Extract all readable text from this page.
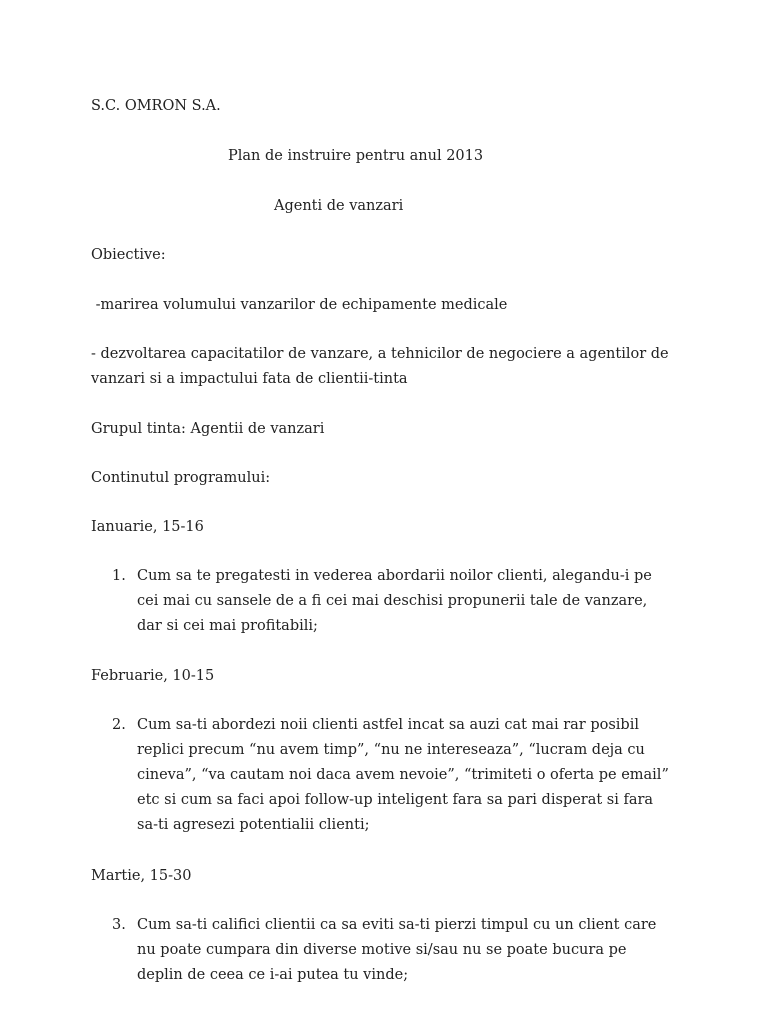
S.C. OMRON S.A.
Plan de instruire pentru anul 2013
Agenti de vanzari
Obiective:
-marirea volumului vanzarilor de echipamente medicale
- dezvoltarea capacitatilor de vanzare, a tehnicilor de negociere a agentilor de vanzari si a impactului fata de clientii-tinta
Grupul tinta: Agentii de vanzari
Continutul programului:
Ianuarie, 15-16
1. Cum sa te pregatesti in vederea abordarii noilor clienti, alegandu-i pe cei mai cu sansele de a fi cei mai deschisi propunerii tale de vanzare, dar si cei mai profitabili;
Februarie, 10-15
2. Cum sa-ti abordezi noii clienti astfel incat sa auzi cat mai rar posibil replici precum “nu avem timp”, “nu ne intereseaza”, “lucram deja cu cineva”, “va cautam noi daca avem nevoie”, “trimiteti o oferta pe email” etc si cum sa faci apoi follow-up inteligent fara sa pari disperat si fara sa-ti agresezi potentialii clienti;
Martie, 15-30
3. Cum sa-ti califici clientii ca sa eviti sa-ti pierzi timpul cu un client care nu poate cumpara din diverse motive si/sau nu se poate bucura pe deplin de ceea ce i-ai putea tu vinde;
